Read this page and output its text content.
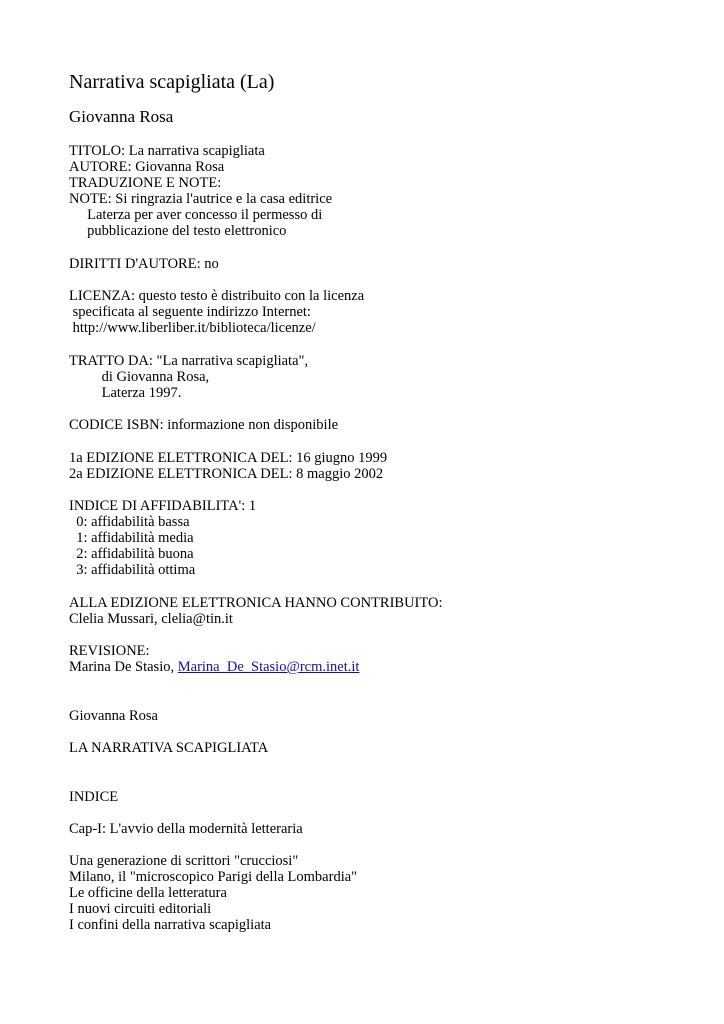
Narrativa scapigliata (La)
Giovanna Rosa
TITOLO: La narrativa scapigliata
AUTORE: Giovanna Rosa
TRADUZIONE E NOTE:
NOTE: Si ringrazia l'autrice e la casa editrice
Laterza per aver concesso il permesso di
pubblicazione del testo elettronico
DIRITTI D'AUTORE: no
LICENZA: questo testo è distribuito con la licenza
specificata al seguente indirizzo Internet:
http://www.liberliber.it/biblioteca/licenze/
TRATTO DA: "La narrativa scapigliata",
di Giovanna Rosa,
Laterza 1997.
CODICE ISBN: informazione non disponibile
1a EDIZIONE ELETTRONICA DEL: 16 giugno 1999
2a EDIZIONE ELETTRONICA DEL: 8 maggio 2002
INDICE DI AFFIDABILITA': 1
0: affidabilità bassa
1: affidabilità media
2: affidabilità buona
3: affidabilità ottima
ALLA EDIZIONE ELETTRONICA HANNO CONTRIBUITO:
Clelia Mussari, clelia@tin.it
REVISIONE:
Marina De Stasio, Marina_De_Stasio@rcm.inet.it
Giovanna Rosa
LA NARRATIVA SCAPIGLIATA
INDICE
Cap-I: L'avvio della modernità letteraria
Una generazione di scrittori "crucciosi"
Milano, il "microscopico Parigi della Lombardia"
Le officine della letteratura
I nuovi circuiti editoriali
I confini della narrativa scapigliata
